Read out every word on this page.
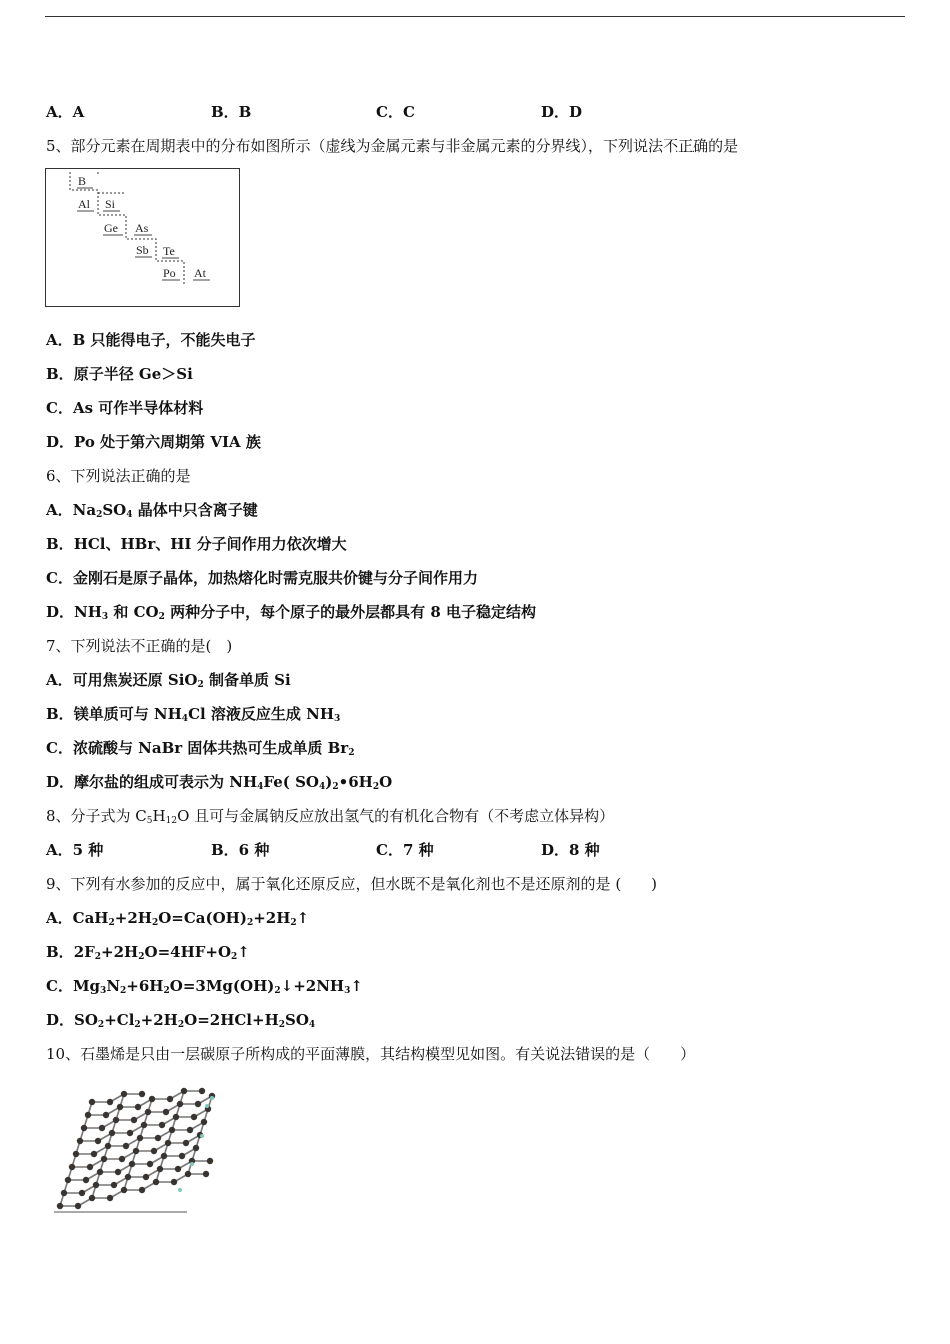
A．A	B．B	C．C	D．D
5、部分元素在周期表中的分布如图所示（虚线为金属元素与非金属元素的分界线），下列说法不正确 · · ·的是
B
Al Si
Ge As
Sb Te
Po At
A．B 只能得电子，不能失电子
B．原子半径 Ge＞Si
C．As 可作半导体材料
D．Po 处于第六周期第 VIA 族
6、下列说法正确的是
A．$Na_2SO_4$ 晶体中只含离子键
B．HCl、HBr、HI 分子间作用力依次增大
C．金刚石是原子晶体，加热熔化时需克服共价键与分子间作用力
D．$NH_3$ 和 $CO_2$ 两种分子中，每个原子的最外层都具有 8 电子稳定结构
7、下列说法不正确的是(　)
A．可用焦炭还原 SiO$_2$ 制备单质 Si
B．镁单质可与 $NH_4Cl$ 溶液反应生成 $NH_3$
C．浓硫酸与 NaBr 固体共热可生成单质 $Br_2$
D．摩尔盐的组成可表示为 $NH_4Fe$( $SO_4)_2•6H_2O$
8、分子式为 $C_5H_{12}O$ 且可与金属钠反应放出氢气的有机化合物有（不考虑立体异构）
A．5 种	B．6 种	C．7 种	D．8 种
9、下列有水参加的反应中，属于氧化还原反应，但水既不是氧化剂也不是还原剂的是 (　　)
A．$CaH_2+2H_2O=Ca(OH)_2+2H_2↑$
B．$2F_2+2H_2O=4HF+O_2↑$
C．$Mg_3N_2+6H_2O=3Mg(OH)_2↓+2NH_3↑$
D．$SO_2+Cl_2+2H_2O=2HCl+H_2SO_4$
10、石墨烯是只由一层碳原子所构成的平面薄膜，其结构模型见如图。有关说法错误的是（　　）
